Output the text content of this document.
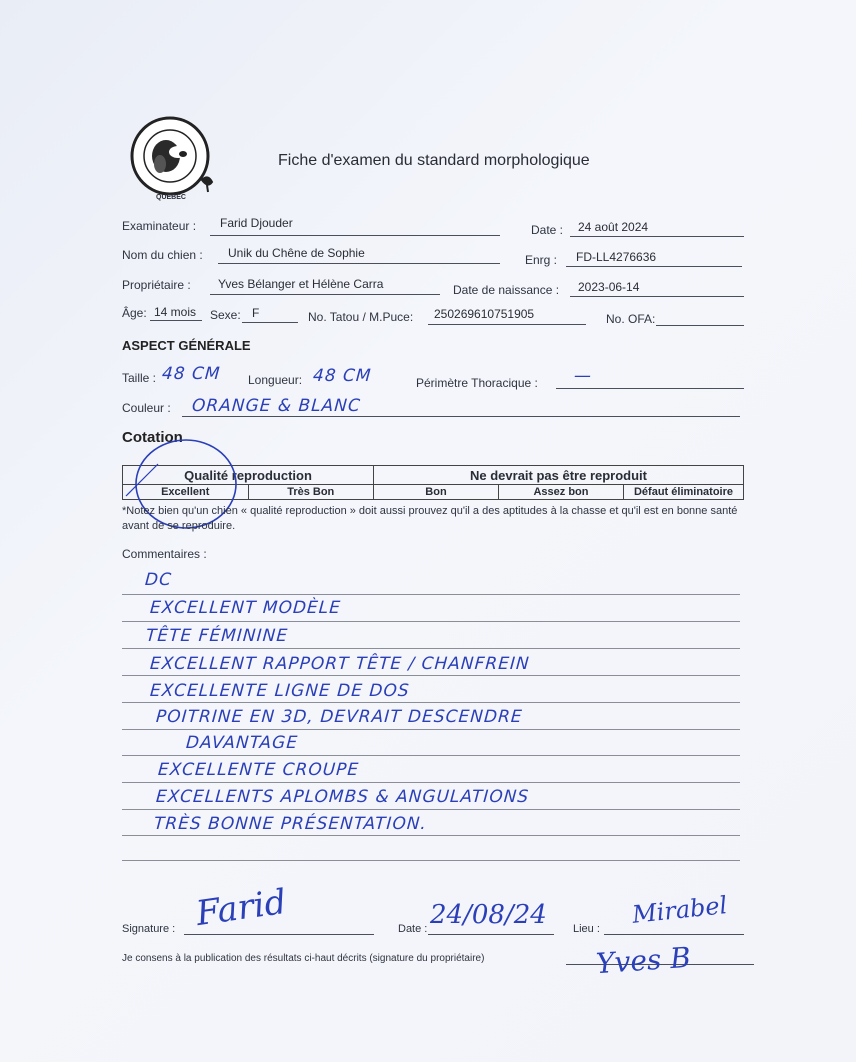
QUÉBEC
Fiche d'examen du standard morphologique
Examinateur : Farid Djouder	Date : 24 août 2024
Nom du chien : Unik du Chêne de Sophie	Enrg : FD-LL4276636
Propriétaire : Yves Bélanger et Hélène Carra	Date de naissance : 2023-06-14
Âge: 14 mois Sexe: F	No. Tatou / M.Puce: 250269610751905	No. OFA:
ASPECT GÉNÉRALE
Taille : 48 CM Longueur: 48 CM	Périmètre Thoracique : —
Couleur : ORANGE & BLANC
Cotation
Qualité reproduction		Ne devrait pas être reproduit		
Excellent	Très Bon	Bon	Assez bon	Défaut éliminatoire
*Notez bien qu'un chien « qualité reproduction » doit aussi prouvez qu'il a des aptitudes à la chasse et qu'il est en bonne santé avant de se reproduire.
Commentaires :
DC
EXCELLENT MODÈLE
TÊTE FÉMININE
EXCELLENT RAPPORT TÊTE / CHANFREIN
EXCELLENTE LIGNE DE DOS
POITRINE EN 3D, DEVRAIT DESCENDRE
DAVANTAGE
EXCELLENTE CROUPE
EXCELLENTS APLOMBS & ANGULATIONS
TRÈS BONNE PRÉSENTATION.
Signature : Farid	Date : 24/08/24 Lieu :
Mirabel
Je consens à la publication des résultats ci-haut décrits (signature du propriétaire)	Yves B
